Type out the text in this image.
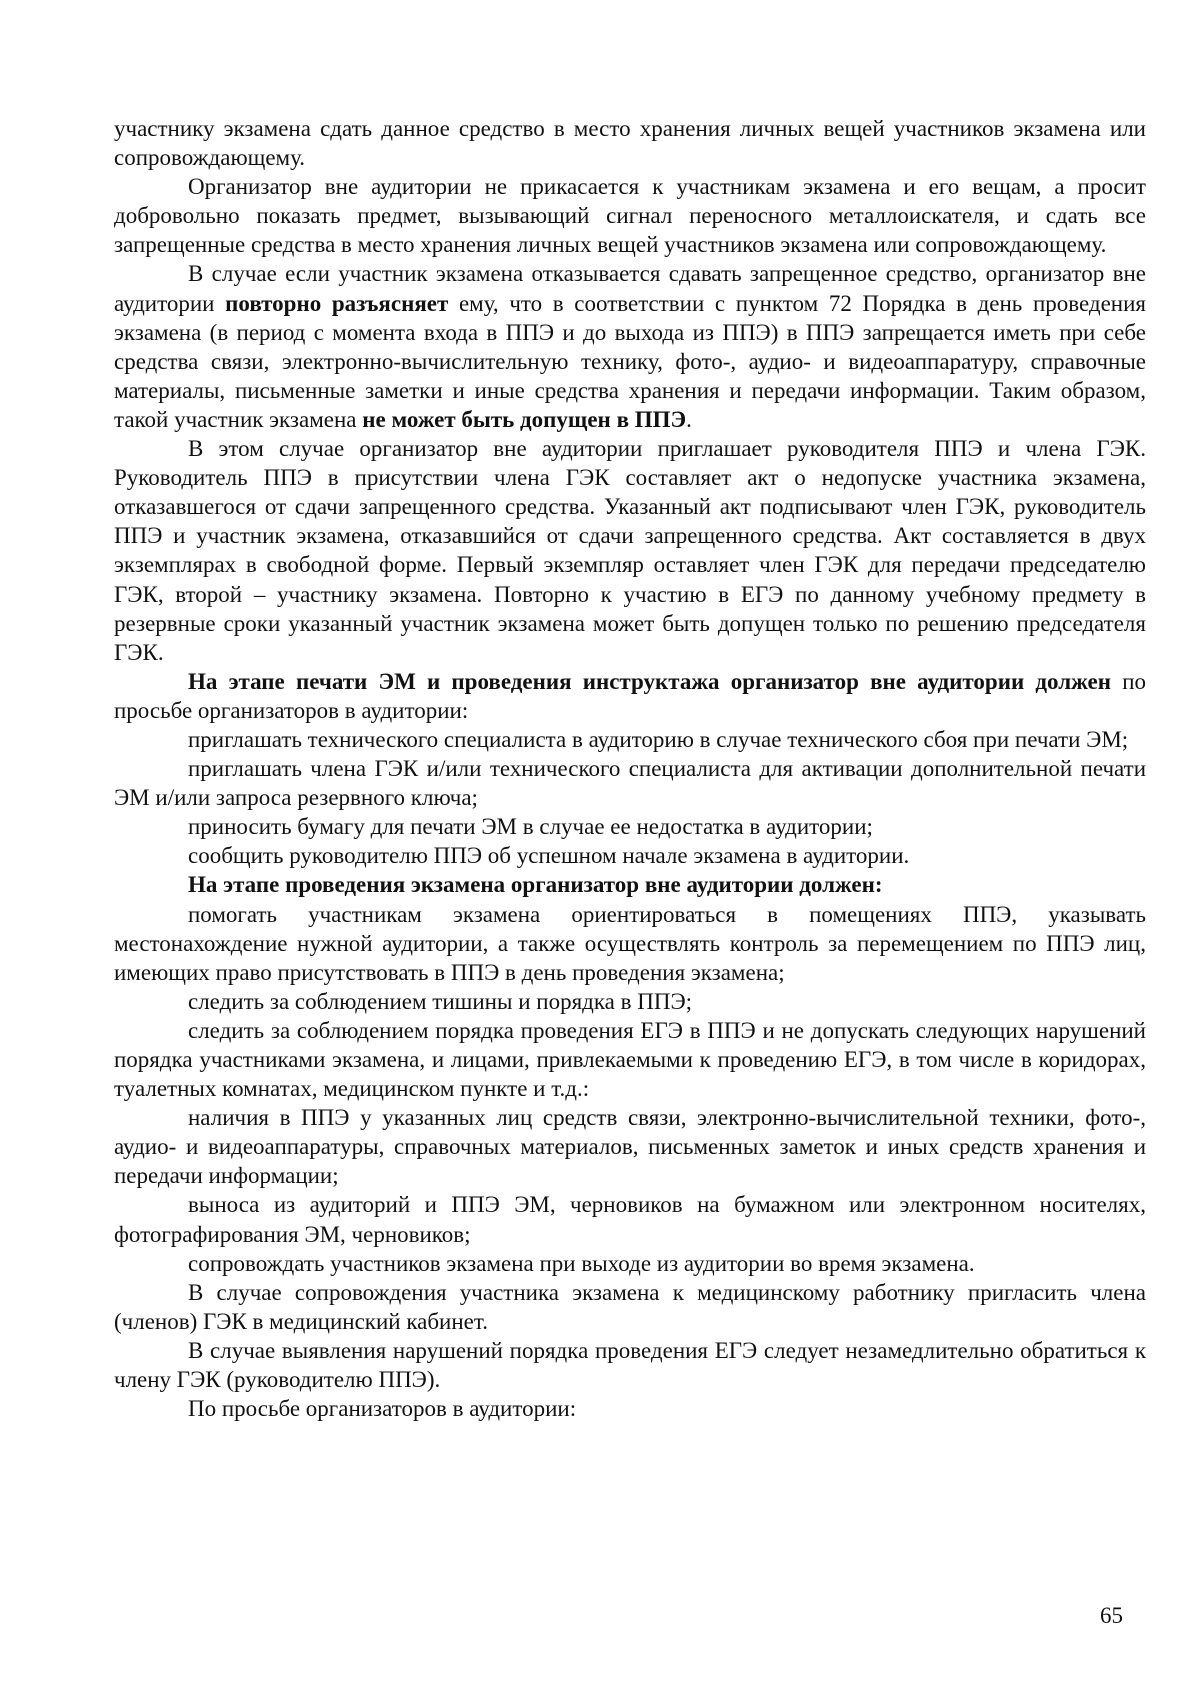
участнику экзамена сдать данное средство в место хранения личных вещей участников экзамена или сопровождающему.

Организатор вне аудитории не прикасается к участникам экзамена и его вещам, а просит добровольно показать предмет, вызывающий сигнал переносного металлоискателя, и сдать все запрещенные средства в место хранения личных вещей участников экзамена или сопровождающему.

В случае если участник экзамена отказывается сдавать запрещенное средство, организатор вне аудитории повторно разъясняет ему, что в соответствии с пунктом 72 Порядка в день проведения экзамена (в период с момента входа в ППЭ и до выхода из ППЭ) в ППЭ запрещается иметь при себе средства связи, электронно-вычислительную технику, фото-, аудио- и видеоаппаратуру, справочные материалы, письменные заметки и иные средства хранения и передачи информации. Таким образом, такой участник экзамена не может быть допущен в ППЭ.

В этом случае организатор вне аудитории приглашает руководителя ППЭ и члена ГЭК. Руководитель ППЭ в присутствии члена ГЭК составляет акт о недопуске участника экзамена, отказавшегося от сдачи запрещенного средства. Указанный акт подписывают член ГЭК, руководитель ППЭ и участник экзамена, отказавшийся от сдачи запрещенного средства. Акт составляется в двух экземплярах в свободной форме. Первый экземпляр оставляет член ГЭК для передачи председателю ГЭК, второй – участнику экзамена. Повторно к участию в ЕГЭ по данному учебному предмету в резервные сроки указанный участник экзамена может быть допущен только по решению председателя ГЭК.

На этапе печати ЭМ и проведения инструктажа организатор вне аудитории должен по просьбе организаторов в аудитории:

приглашать технического специалиста в аудиторию в случае технического сбоя при печати ЭМ;

приглашать члена ГЭК и/или технического специалиста для активации дополнительной печати ЭМ и/или запроса резервного ключа;

приносить бумагу для печати ЭМ в случае ее недостатка в аудитории;

сообщить руководителю ППЭ об успешном начале экзамена в аудитории.

На этапе проведения экзамена организатор вне аудитории должен:

помогать участникам экзамена ориентироваться в помещениях ППЭ, указывать местонахождение нужной аудитории, а также осуществлять контроль за перемещением по ППЭ лиц, имеющих право присутствовать в ППЭ в день проведения экзамена;

следить за соблюдением тишины и порядка в ППЭ;

следить за соблюдением порядка проведения ЕГЭ в ППЭ и не допускать следующих нарушений порядка участниками экзамена, и лицами, привлекаемыми к проведению ЕГЭ, в том числе в коридорах, туалетных комнатах, медицинском пункте и т.д.:

наличия в ППЭ у указанных лиц средств связи, электронно-вычислительной техники, фото-, аудио- и видеоаппаратуры, справочных материалов, письменных заметок и иных средств хранения и передачи информации;

выноса из аудиторий и ППЭ ЭМ, черновиков на бумажном или электронном носителях, фотографирования ЭМ, черновиков;

сопровождать участников экзамена при выходе из аудитории во время экзамена.

В случае сопровождения участника экзамена к медицинскому работнику пригласить члена (членов) ГЭК в медицинский кабинет.

В случае выявления нарушений порядка проведения ЕГЭ следует незамедлительно обратиться к члену ГЭК (руководителю ППЭ).

По просьбе организаторов в аудитории:

65
